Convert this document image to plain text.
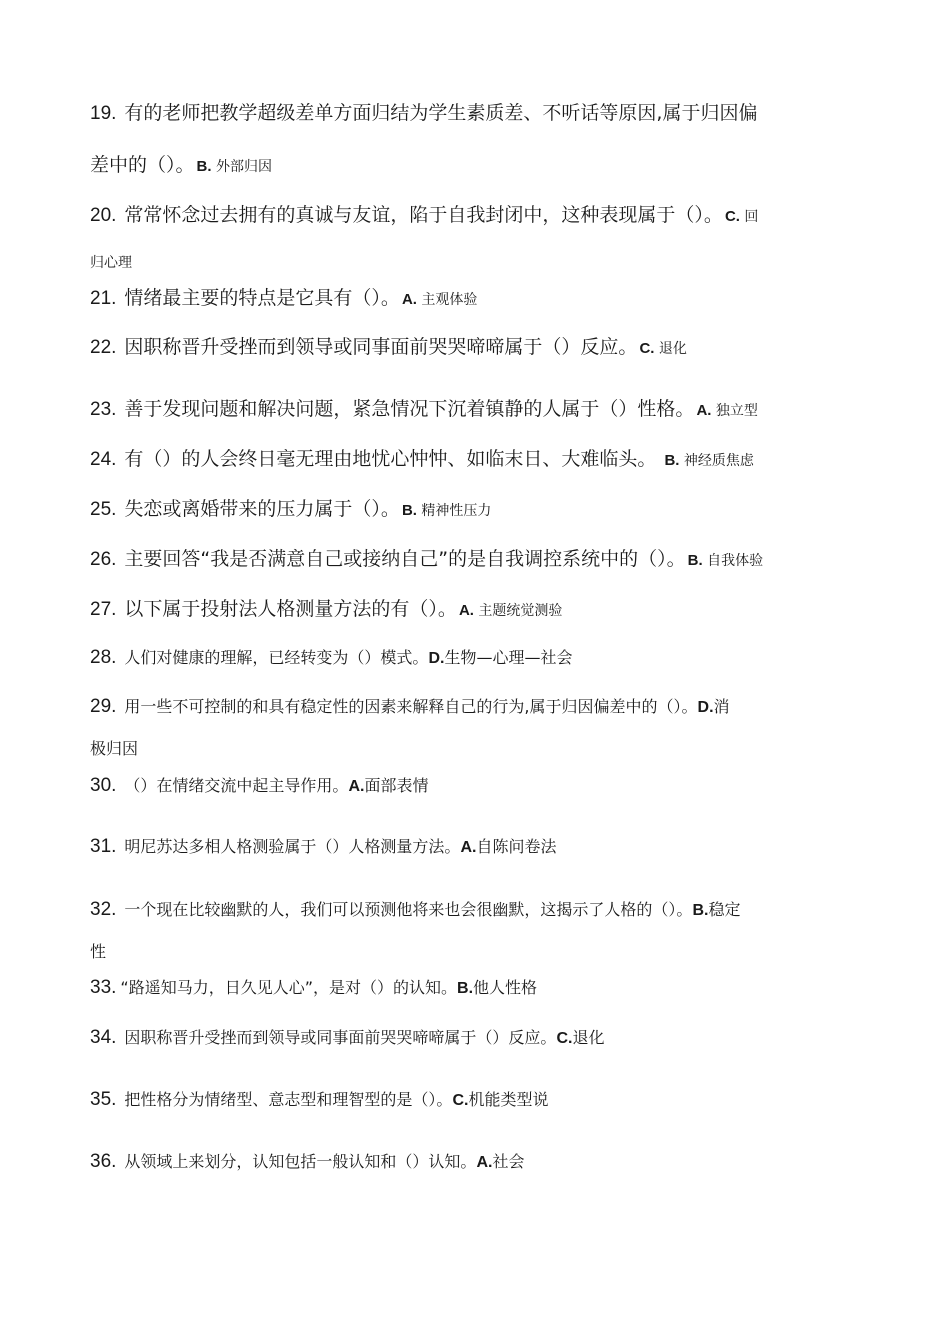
19. 有的老师把教学超级差单方面归结为学生素质差、不听话等原因,属于归因偏
差中的（）。 B. 外部归因
20. 常常怀念过去拥有的真诚与友谊，陷于自我封闭中，这种表现属于（）。 C. 回
归心理
21. 情绪最主要的特点是它具有（）。 A. 主观体验
22. 因职称晋升受挫而到领导或同事面前哭哭啼啼属于（）反应。 C. 退化
23. 善于发现问题和解决问题，紧急情况下沉着镇静的人属于（）性格。 A. 独立型
24. 有（）的人会终日毫无理由地忧心忡忡、如临末日、大难临头。 B. 神经质焦虑
25. 失恋或离婚带来的压力属于（）。 B. 精神性压力
26. 主要回答“我是否满意自己或接纳自己”的是自我调控系统中的（）。 B. 自我体验
27. 以下属于投射法人格测量方法的有（）。 A. 主题统觉测验
28. 人们对健康的理解，已经转变为（）模式。D.生物—心理—社会
29. 用一些不可控制的和具有稳定性的因素来解释自己的行为,属于归因偏差中的（）。D.消
极归因
30. （）在情绪交流中起主导作用。A.面部表情
31. 明尼苏达多相人格测验属于（）人格测量方法。A.自陈问卷法
32. 一个现在比较幽默的人，我们可以预测他将来也会很幽默，这揭示了人格的（）。B.稳定
性
33. “路遥知马力，日久见人心”，是对（）的认知。B.他人性格
34. 因职称晋升受挫而到领导或同事面前哭哭啼啼属于（）反应。C.退化
35. 把性格分为情绪型、意志型和理智型的是（）。C.机能类型说
36. 从领域上来划分，认知包括一般认知和（）认知。A.社会
